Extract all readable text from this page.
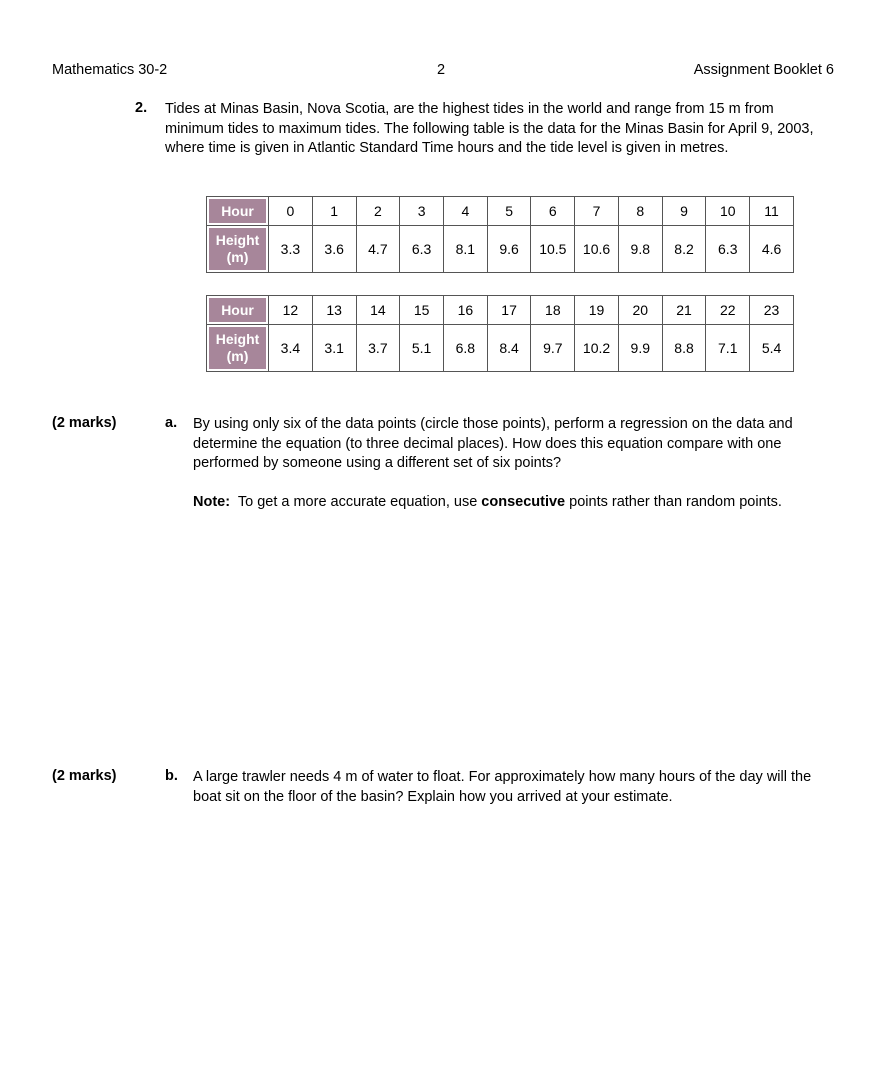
Mathematics 30-2	2	Assignment Booklet 6
2. Tides at Minas Basin, Nova Scotia, are the highest tides in the world and range from 15 m from minimum tides to maximum tides. The following table is the data for the Minas Basin for April 9, 2003, where time is given in Atlantic Standard Time hours and the tide level is given in metres.
Hour	0	1	2	3	4	5	6	7	8	9	10	11
Height
(m)	3.3	3.6	4.7	6.3	8.1	9.6	10.5	10.6	9.8	8.2	6.3	4.6
Hour	12	13	14	15	16	17	18	19	20	21	22	23
Height
(m)	3.4	3.1	3.7	5.1	6.8	8.4	9.7	10.2	9.9	8.8	7.1	5.4
(2 marks)	a. By using only six of the data points (circle those points), perform a regression on the data and determine the equation (to three decimal places). How does this equation compare with one performed by someone using a different set of six points?
Note: To get a more accurate equation, use consecutive points rather than random points.
(2 marks)	b. A large trawler needs 4 m of water to float. For approximately how many hours of the day will the boat sit on the floor of the basin? Explain how you arrived at your estimate.
